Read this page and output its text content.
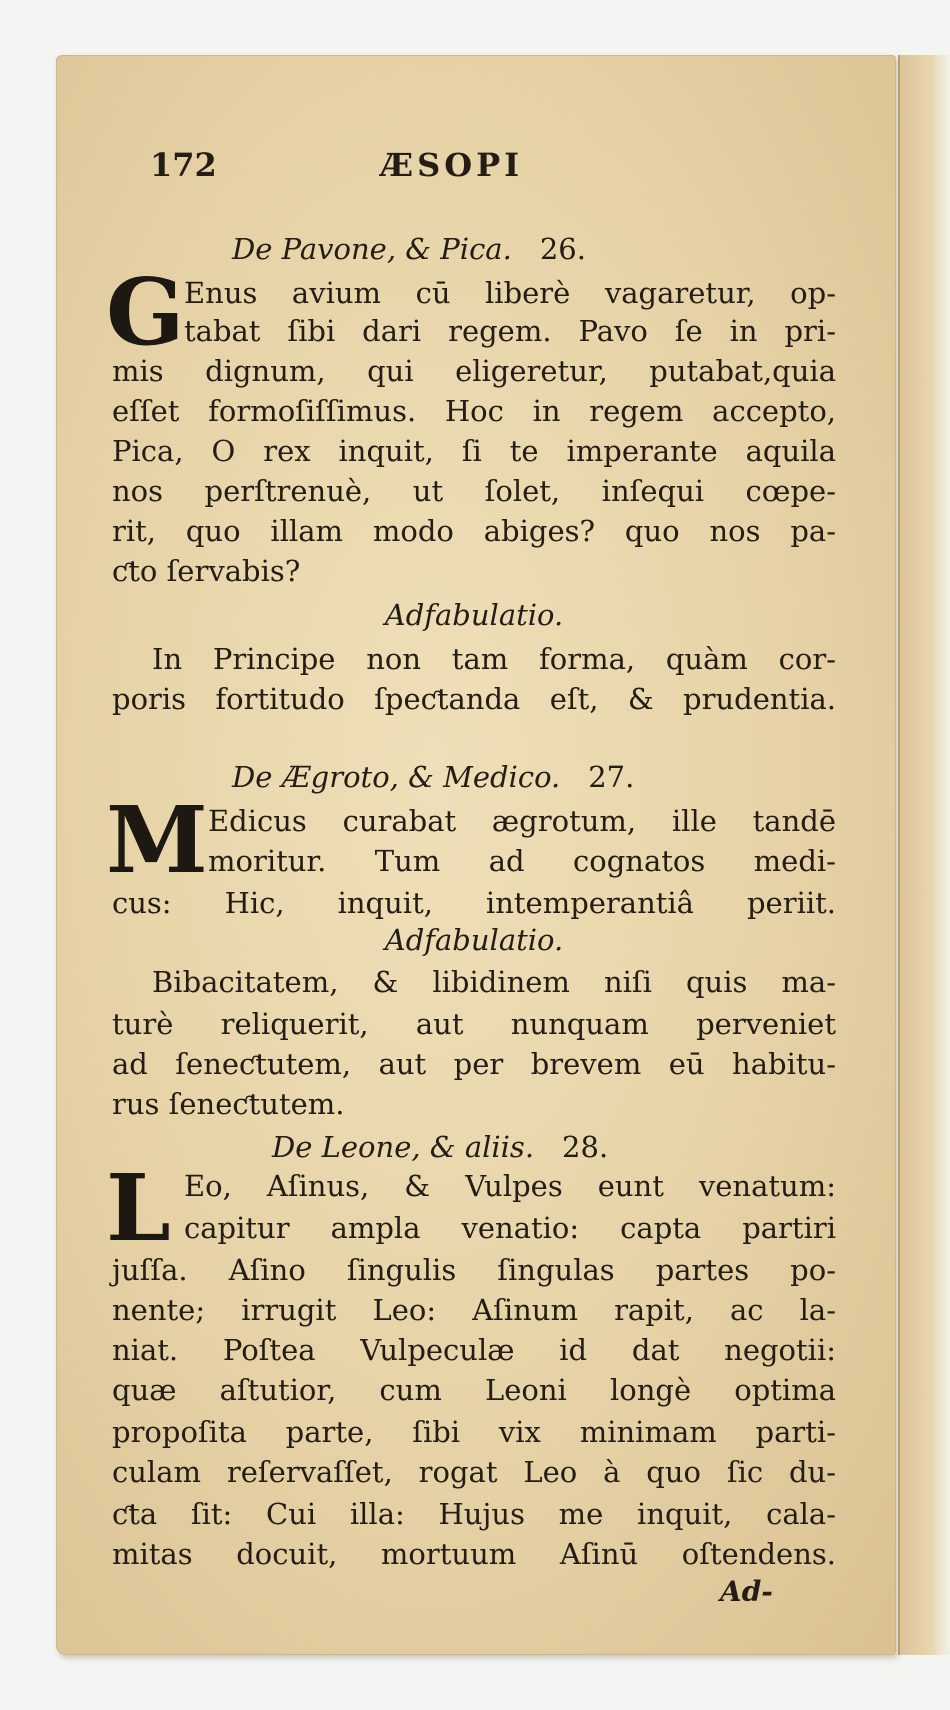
172	ÆSOPI
De Pavone, & Pica. 26.
G Enus avium cū liberè vagaretur, op-
tabat ſibi dari regem. Pavo ſe in pri-
mis dignum, qui eligeretur, putabat,quia
eſſet formoſiſſimus. Hoc in regem accepto,
Pica, O rex inquit, ſi te imperante aquila
nos perſtrenuè, ut ſolet, inſequi cœpe-
rit, quo illam modo abiges? quo nos pa-
ƈto ſervabis?
Adfabulatio.
In Principe non tam forma, quàm cor-
poris fortitudo ſpeƈtanda eſt, & prudentia.
De Ægroto, & Medico. 27.
M Edicus curabat ægrotum, ille tandē
moritur. Tum ad cognatos medi-
cus: Hic, inquit, intemperantiâ periit.
Adfabulatio.
Bibacitatem, & libidinem niſi quis ma-
turè reliquerit, aut nunquam perveniet
ad ſeneƈtutem, aut per brevem eū habitu-
rus ſeneƈtutem.
De Leone, & aliis. 28.
L Eo, Aſinus, & Vulpes eunt venatum:
capitur ampla venatio: capta partiri
juſſa. Aſino ſingulis ſingulas partes po-
nente; irrugit Leo: Aſinum rapit, ac la-
niat. Poſtea Vulpeculæ id dat negotii:
quæ aſtutior, cum Leoni longè optima
propoſita parte, ſibi vix minimam parti-
culam reſervaſſet, rogat Leo à quo ſic du-
ƈta ſit: Cui illa: Hujus me inquit, cala-
mitas docuit, mortuum Aſinū oſtendens.
Ad-
